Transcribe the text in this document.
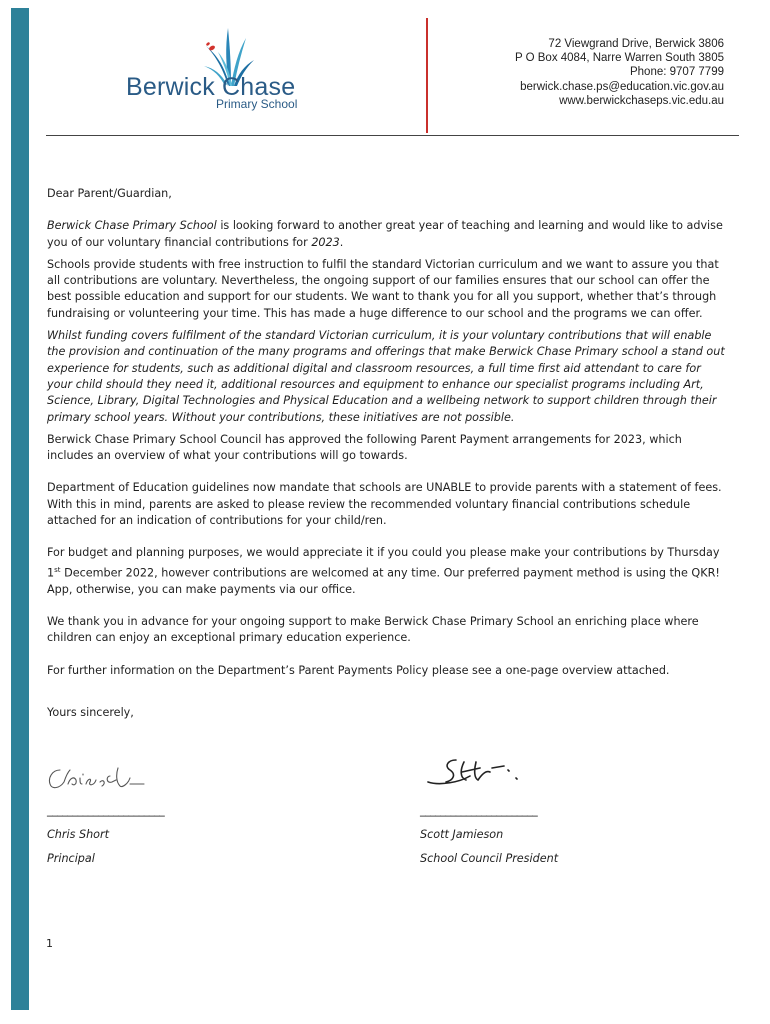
Berwick Chase
Primary School
72 Viewgrand Drive, Berwick 3806
P O Box 4084, Narre Warren South 3805
Phone: 9707 7799
berwick.chase.ps@education.vic.gov.au
www.berwickchaseps.vic.edu.au

Dear Parent/Guardian,

Berwick Chase Primary School is looking forward to another great year of teaching and learning and would like to advise you of our voluntary financial contributions for 2023.

Schools provide students with free instruction to fulfil the standard Victorian curriculum and we want to assure you that all contributions are voluntary. Nevertheless, the ongoing support of our families ensures that our school can offer the best possible education and support for our students. We want to thank you for all you support, whether that’s through fundraising or volunteering your time. This has made a huge difference to our school and the programs we can offer.

Whilst funding covers fulfilment of the standard Victorian curriculum, it is your voluntary contributions that will enable the provision and continuation of the many programs and offerings that make Berwick Chase Primary school a stand out experience for students, such as additional digital and classroom resources, a full time first aid attendant to care for your child should they need it, additional resources and equipment to enhance our specialist programs including Art, Science, Library, Digital Technologies and Physical Education and a wellbeing network to support children through their primary school years. Without your contributions, these initiatives are not possible.

Berwick Chase Primary School Council has approved the following Parent Payment arrangements for 2023, which includes an overview of what your contributions will go towards.

Department of Education guidelines now mandate that schools are UNABLE to provide parents with a statement of fees. With this in mind, parents are asked to please review the recommended voluntary financial contributions schedule attached for an indication of contributions for your child/ren.

For budget and planning purposes, we would appreciate it if you could you please make your contributions by Thursday 1st December 2022, however contributions are welcomed at any time. Our preferred payment method is using the QKR! App, otherwise, you can make payments via our office.

We thank you in advance for your ongoing support to make Berwick Chase Primary School an enriching place where children can enjoy an exceptional primary education experience.

For further information on the Department’s Parent Payments Policy please see a one-page overview attached.

Yours sincerely,

_______________________
Chris Short
Principal
_______________________
Scott Jamieson
School Council President
1
